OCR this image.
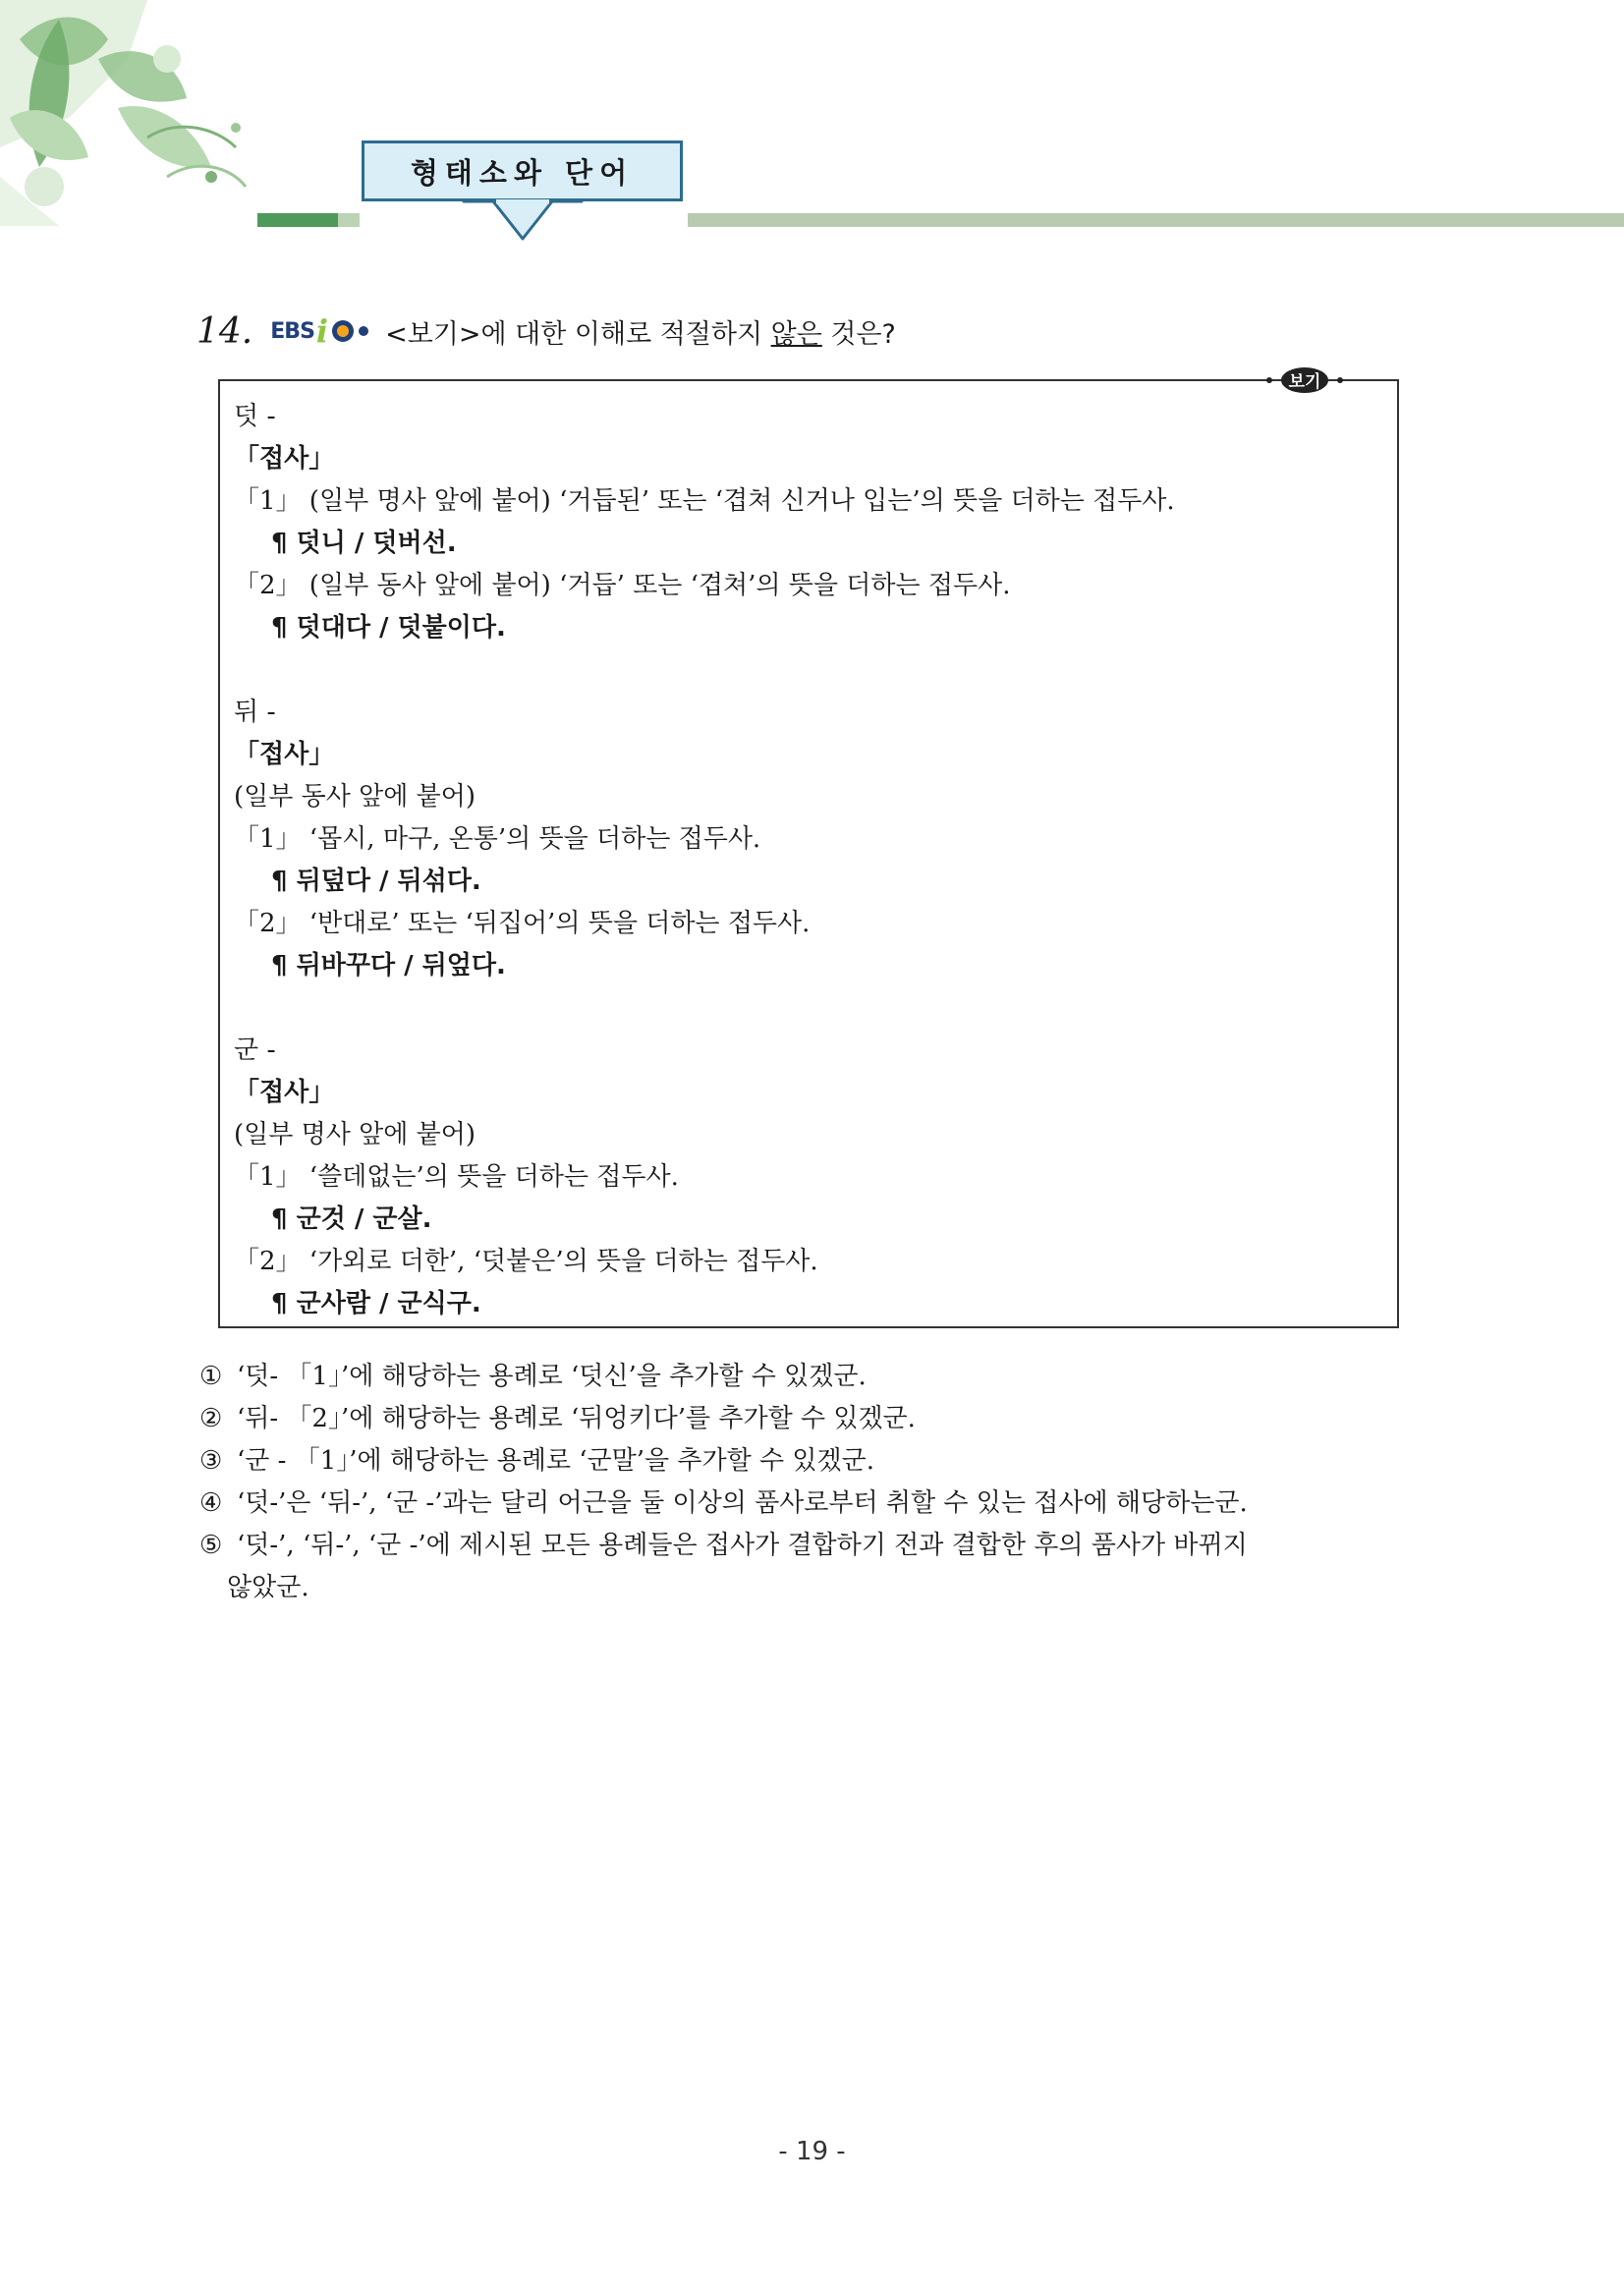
형태소와 단어
14. EBS i <보기>에 대한 이해로 적절하지 않은 것은?
보기
덧 -
「접사」
「1」 (일부 명사 앞에 붙어) ‘거듭된’ 또는 ‘겹쳐 신거나 입는’의 뜻을 더하는 접두사.
¶ 덧니 / 덧버선.
「2」 (일부 동사 앞에 붙어) ‘거듭’ 또는 ‘겹쳐’의 뜻을 더하는 접두사.
¶ 덧대다 / 덧붙이다.
뒤 -
「접사」
(일부 동사 앞에 붙어)
「1」 ‘몹시, 마구, 온통’의 뜻을 더하는 접두사.
¶ 뒤덮다 / 뒤섞다.
「2」 ‘반대로’ 또는 ‘뒤집어’의 뜻을 더하는 접두사.
¶ 뒤바꾸다 / 뒤엎다.
군 -
「접사」
(일부 명사 앞에 붙어)
「1」 ‘쓸데없는’의 뜻을 더하는 접두사.
¶ 군것 / 군살.
「2」 ‘가외로 더한’, ‘덧붙은’의 뜻을 더하는 접두사.
¶ 군사람 / 군식구.
① ‘덧- 「1」’에 해당하는 용례로 ‘덧신’을 추가할 수 있겠군.
② ‘뒤- 「2」’에 해당하는 용례로 ‘뒤엉키다’를 추가할 수 있겠군.
③ ‘군 - 「1」’에 해당하는 용례로 ‘군말’을 추가할 수 있겠군.
④ ‘덧-’은 ‘뒤-’, ‘군 -’과는 달리 어근을 둘 이상의 품사로부터 취할 수 있는 접사에 해당하는군.
⑤ ‘덧-’, ‘뒤-’, ‘군 -’에 제시된 모든 용례들은 접사가 결합하기 전과 결합한 후의 품사가 바뀌지
않았군.
- 19 -
